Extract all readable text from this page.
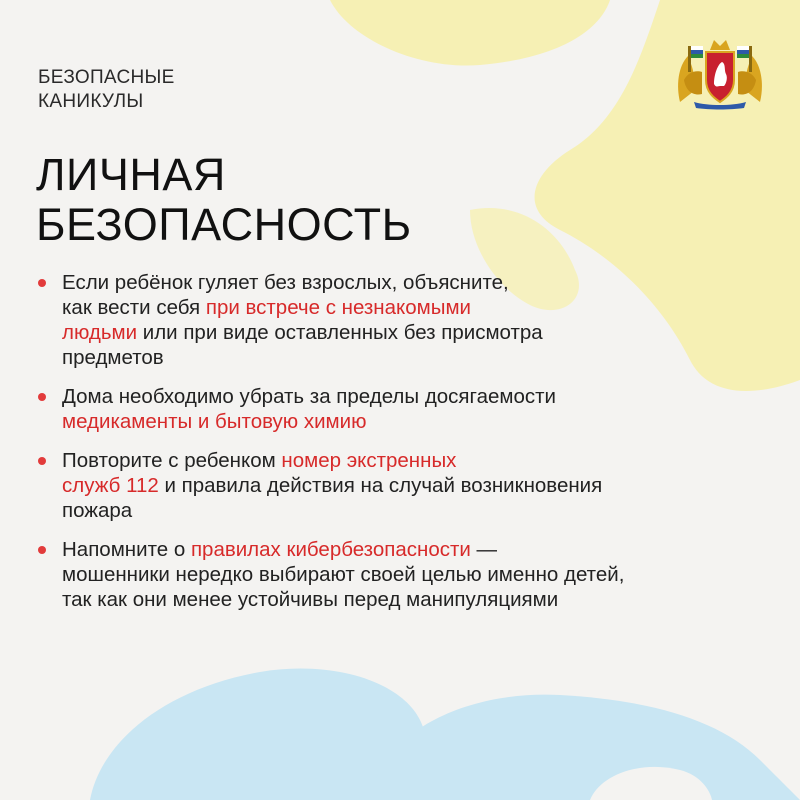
БЕЗОПАСНЫЕ
КАНИКУЛЫ
ЛИЧНАЯ
БЕЗОПАСНОСТЬ
Если ребёнок гуляет без взрослых, объясните,
как вести себя при встрече с незнакомыми
людьми или при виде оставленных без присмотра
предметов
Дома необходимо убрать за пределы досягаемости
медикаменты и бытовую химию
Повторите с ребенком номер экстренных
служб 112 и правила действия на случай возникновения
пожара
Напомните о правилах кибербезопасности —
мошенники нередко выбирают своей целью именно детей,
так как они менее устойчивы перед манипуляциями
